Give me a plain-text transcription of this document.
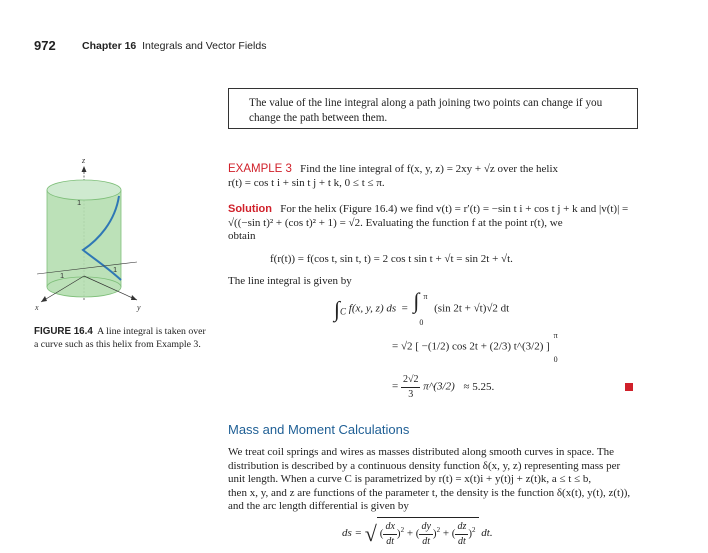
972	Chapter 16 Integrals and Vector Fields
The value of the line integral along a path joining two points can change if you change the path between them.
z
x	y
1
1
1
FIGURE 16.4 A line integral is taken over a curve such as this helix from Example 3.
EXAMPLE 3 Find the line integral of f(x, y, z) = 2xy + √z over the helix
r(t) = cos t i + sin t j + t k, 0 ≤ t ≤ π.
Solution For the helix (Figure 16.4) we find v(t) = r′(t) = −sin t i + cos t j + k and |v(t)| =
√((−sin t)² + (cos t)² + 1) = √2. Evaluating the function f at the point r(t), we
obtain
f(r(t)) = f(cos t, sin t, t) = 2 cos t sin t + √t = sin 2t + √t.
The line integral is given by
$\int_C$ f(x, y, z) ds  = ∫ π
0
(sin 2t + √t)√2 dt
= √2 [ −(1/2) cos 2t + (2/3) t^(3/2) ]
π
0
= $\frac{2√2}{3}$ π^(3/2) ≈ 5.25.
Mass and Moment Calculations
We treat coil springs and wires as masses distributed along smooth curves in space. The
distribution is described by a continuous density function δ(x, y, z) representing mass per
unit length. When a curve C is parametrized by r(t) = x(t)i + y(t)j + z(t)k, a ≤ t ≤ b,
then x, y, and z are functions of the parameter t, the density is the function δ(x(t), y(t), z(t)),
and the arc length differential is given by
ds = √( $\frac{dx}{dt} )^2$ + ( $\frac{dy}{dt} )^2$ + ( $\frac{dz}{dt} )^2$ dt.
